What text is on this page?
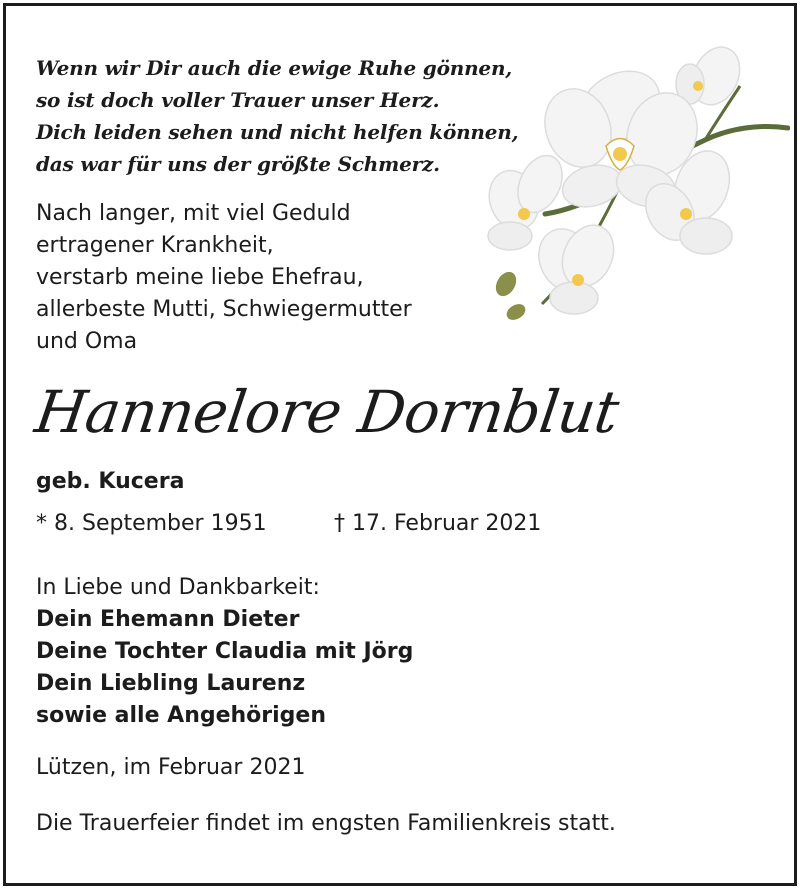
Wenn wir Dir auch die ewige Ruhe gönnen,
so ist doch voller Trauer unser Herz.
Dich leiden sehen und nicht helfen können,
das war für uns der größte Schmerz.
Nach langer, mit viel Geduld
ertragener Krankheit,
verstarb meine liebe Ehefrau,
allerbeste Mutti, Schwiegermutter
und Oma
Hannelore Dornblut
geb. Kucera
* 8. September 1951	† 17. Februar 2021
In Liebe und Dankbarkeit:
Dein Ehemann Dieter
Deine Tochter Claudia mit Jörg
Dein Liebling Laurenz
sowie alle Angehörigen
Lützen, im Februar 2021
Die Trauerfeier findet im engsten Familienkreis statt.
